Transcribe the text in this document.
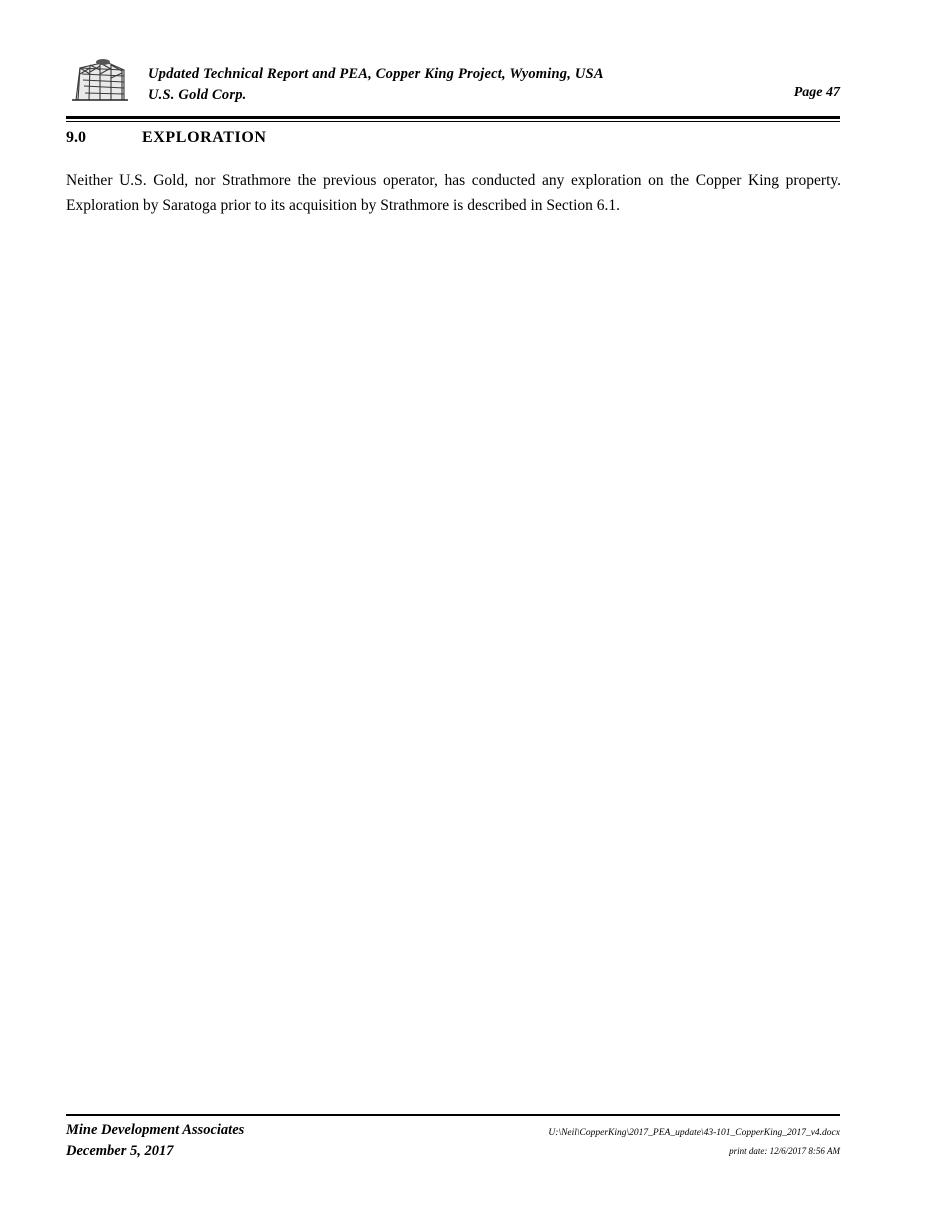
Updated Technical Report and PEA, Copper King Project, Wyoming, USA
U.S. Gold Corp.	Page 47
9.0	EXPLORATION
Neither U.S. Gold, nor Strathmore the previous operator, has conducted any exploration on the Copper King property. Exploration by Saratoga prior to its acquisition by Strathmore is described in Section 6.1.
Mine Development Associates
December 5, 2017
U:\Neil\CopperKing\2017_PEA_update\43-101_CopperKing_2017_v4.docx
print date: 12/6/2017 8:56 AM
